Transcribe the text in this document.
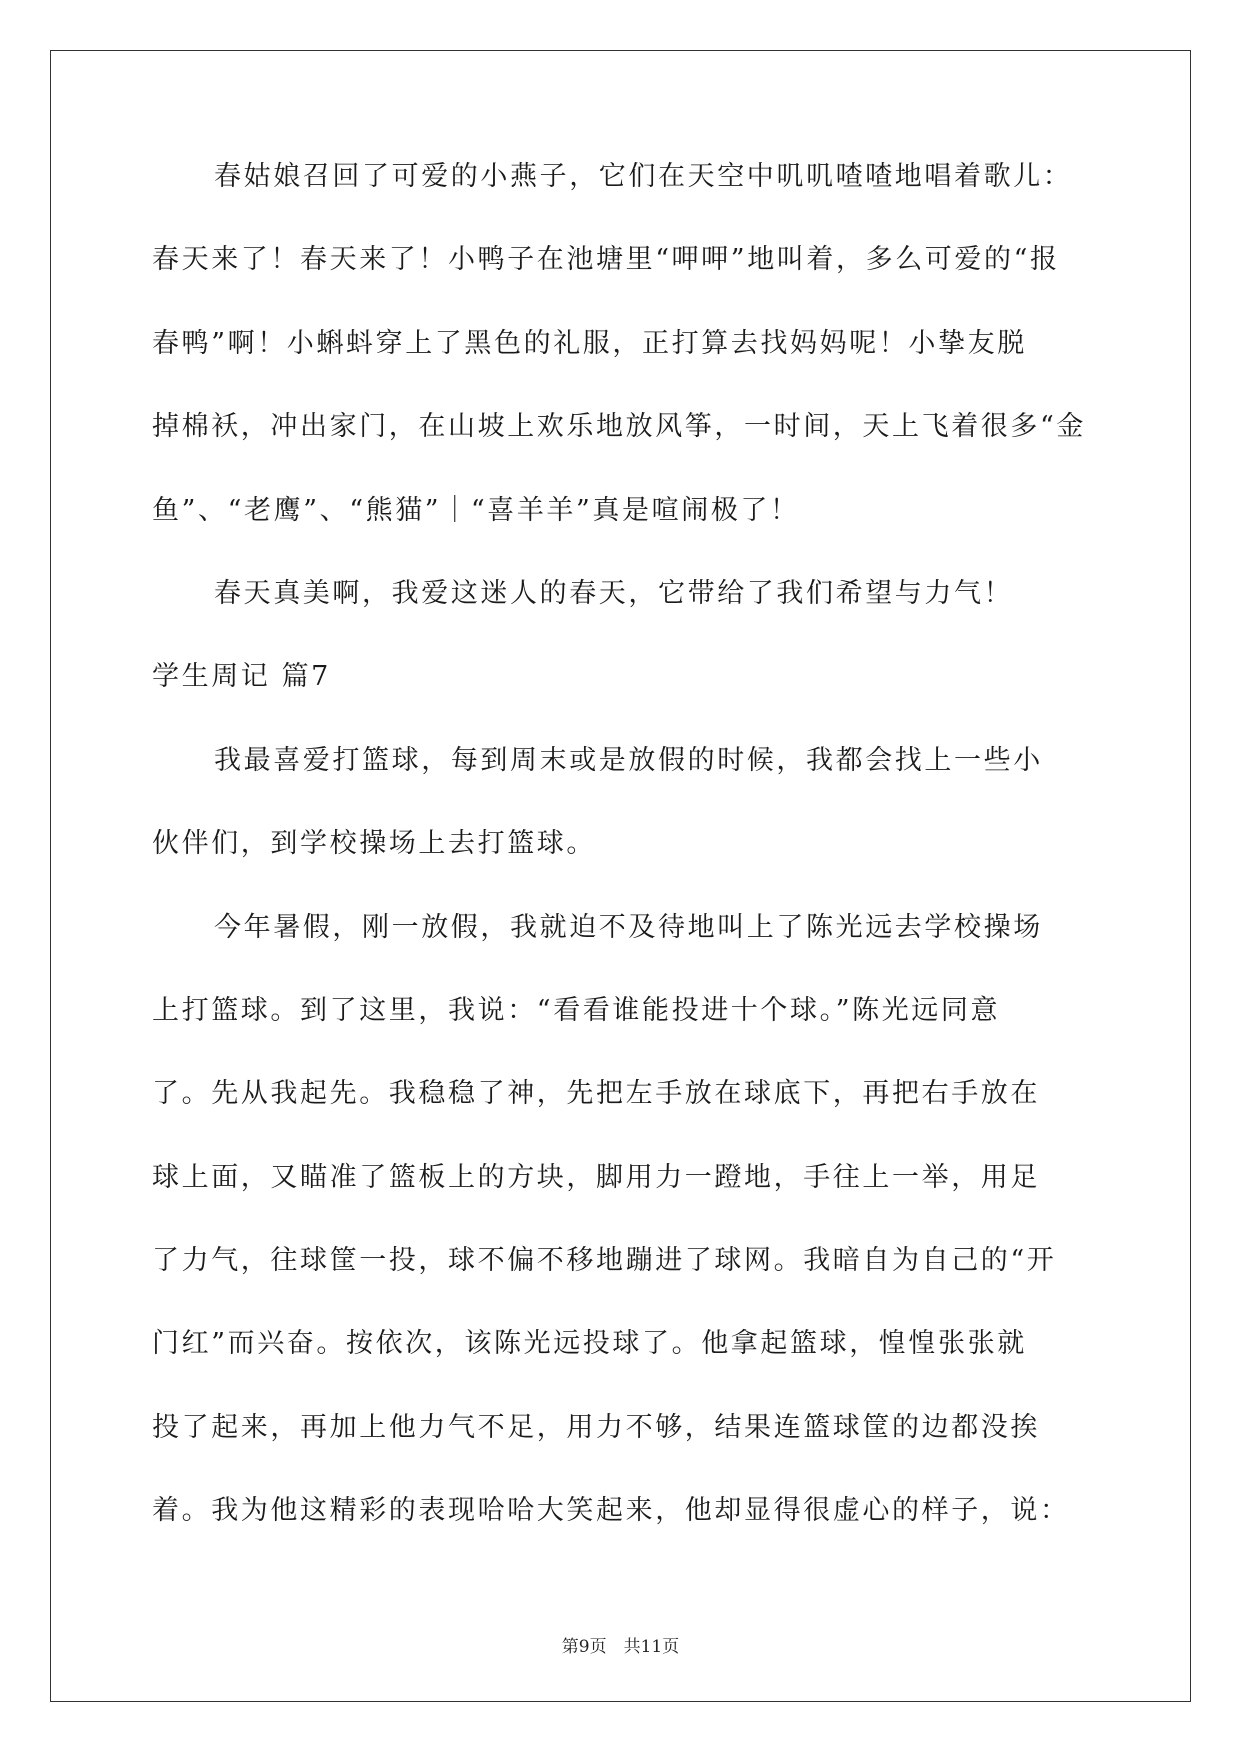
春姑娘召回了可爱的小燕子，它们在天空中叽叽喳喳地唱着歌儿：
春天来了！春天来了！小鸭子在池塘里“呷呷”地叫着，多么可爱的“报
春鸭”啊！小蝌蚪穿上了黑色的礼服，正打算去找妈妈呢！小挚友脱
掉棉袄，冲出家门，在山坡上欢乐地放风筝，一时间，天上飞着很多“金
鱼”、“老鹰”、“熊猫”｜“喜羊羊”真是喧闹极了！
春天真美啊，我爱这迷人的春天，它带给了我们希望与力气！
学生周记 篇7
我最喜爱打篮球，每到周末或是放假的时候，我都会找上一些小
伙伴们，到学校操场上去打篮球。
今年暑假，刚一放假，我就迫不及待地叫上了陈光远去学校操场
上打篮球。到了这里，我说：“看看谁能投进十个球。”陈光远同意
了。先从我起先。我稳稳了神，先把左手放在球底下，再把右手放在
球上面，又瞄准了篮板上的方块，脚用力一蹬地，手往上一举，用足
了力气，往球筐一投，球不偏不移地蹦进了球网。我暗自为自己的“开
门红”而兴奋。按依次，该陈光远投球了。他拿起篮球，惶惶张张就
投了起来，再加上他力气不足，用力不够，结果连篮球筐的边都没挨
着。我为他这精彩的表现哈哈大笑起来，他却显得很虚心的样子，说：
第9页　共11页
